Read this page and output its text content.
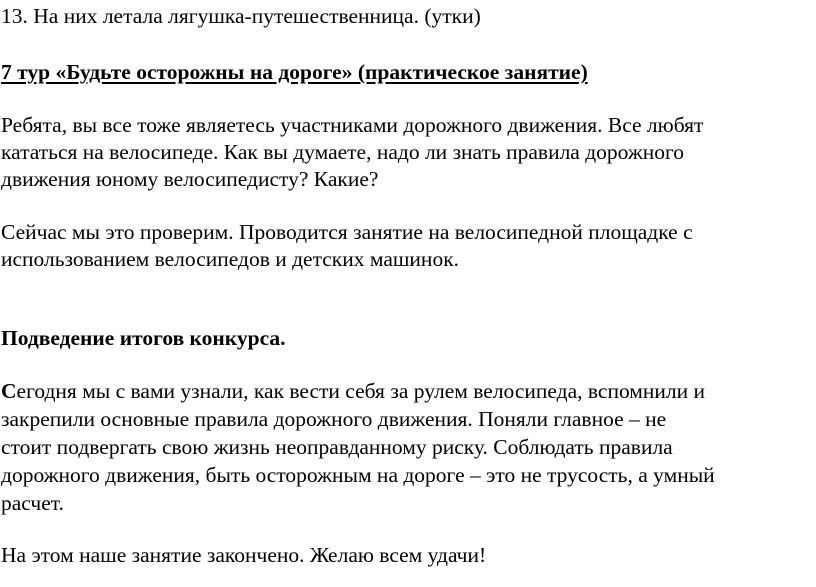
13. На них летала лягушка-путешественница. (утки)
7 тур «Будьте осторожны на дороге» (практическое занятие)
Ребята, вы все тоже являетесь участниками дорожного движения. Все любят
кататься на велосипеде. Как вы думаете, надо ли знать правила дорожного
движения юному велосипедисту? Какие?
Сейчас мы это проверим. Проводится занятие на велосипедной площадке с
использованием велосипедов и детских машинок.
Подведение итогов конкурса.
Сегодня мы с вами узнали, как вести себя за рулем велосипеда, вспомнили и
закрепили основные правила дорожного движения. Поняли главное – не
стоит подвергать свою жизнь неоправданному риску. Соблюдать правила
дорожного движения, быть осторожным на дороге – это не трусость, а умный
расчет.
На этом наше занятие закончено. Желаю всем удачи!
